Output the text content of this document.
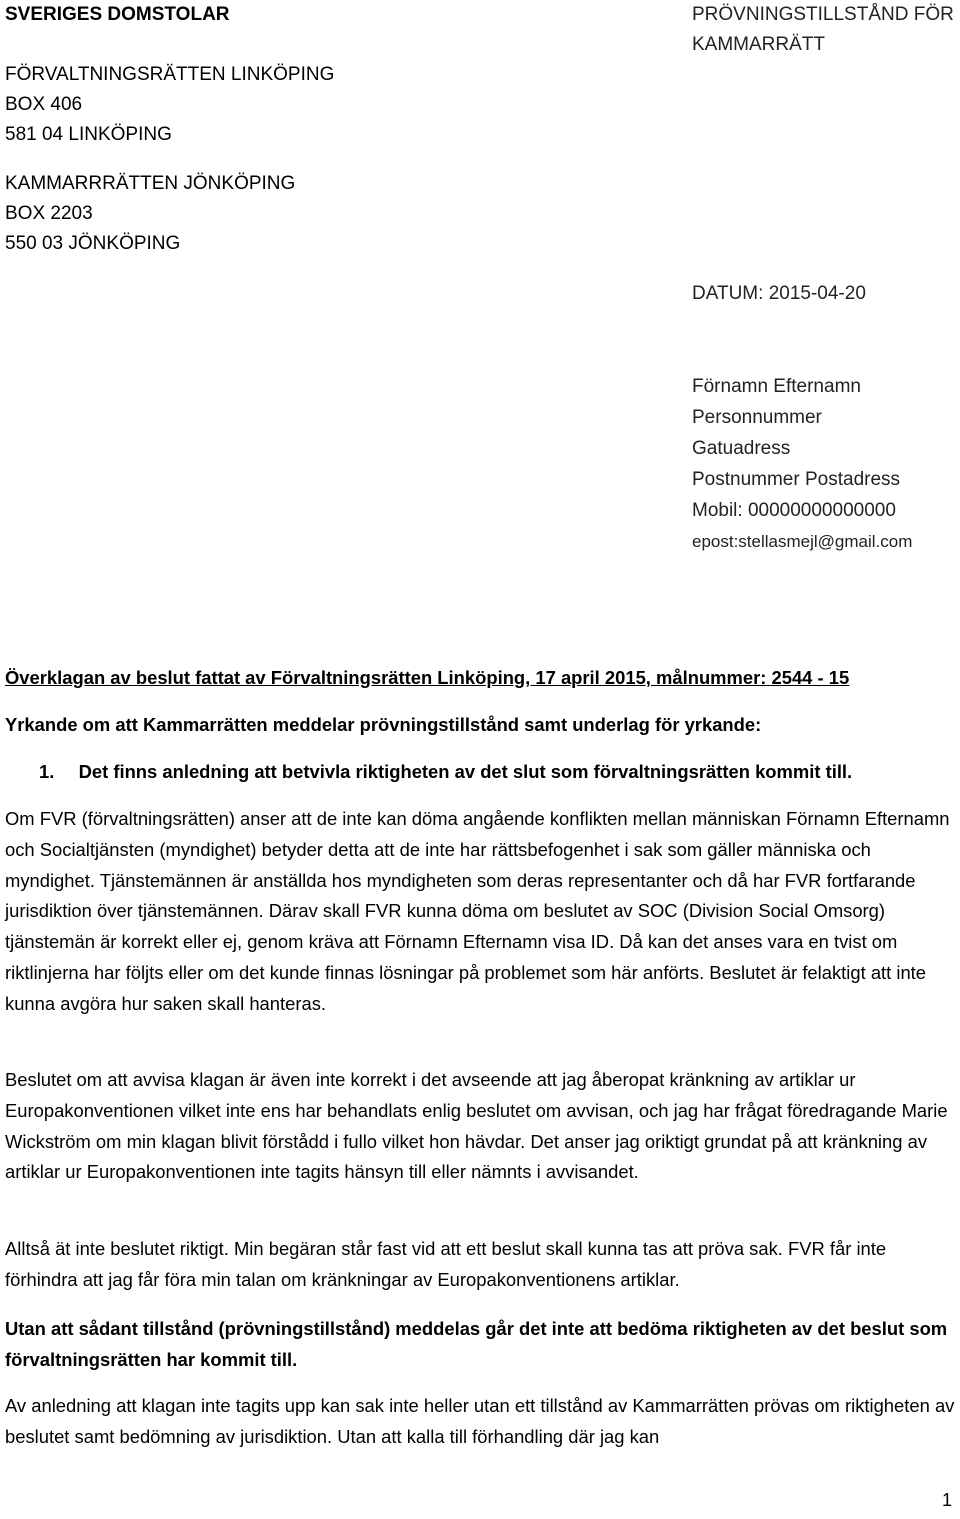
SVERIGES DOMSTOLAR
FÖRVALTNINGSRÄTTEN LINKÖPING
BOX 406
581 04 LINKÖPING
KAMMARRRÄTTEN JÖNKÖPING
BOX 2203
550 03 JÖNKÖPING
PRÖVNINGSTILLSTÅND FÖR
KAMMARRÄTT
DATUM: 2015-04-20
Förnamn Efternamn
Personnummer
Gatuadress
Postnummer Postadress
Mobil: 00000000000000
epost:stellasmejl@gmail.com
Överklagan av beslut fattat av Förvaltningsrätten Linköping, 17 april 2015, målnummer: 2544 - 15
Yrkande om att Kammarrätten meddelar prövningstillstånd samt underlag för yrkande:
1. Det finns anledning att betvivla riktigheten av det slut som förvaltningsrätten kommit till.

Om FVR (förvaltningsrätten) anser att de inte kan döma angående konflikten mellan människan Förnamn Efternamn och Socialtjänsten (myndighet) betyder detta att de inte har rättsbefogenhet i sak som gäller människa och myndighet. Tjänstemännen är anställda hos myndigheten som deras representanter och då har FVR fortfarande jurisdiktion över tjänstemännen. Därav skall FVR kunna döma om beslutet av SOC (Division Social Omsorg) tjänstemän är korrekt eller ej, genom kräva att Förnamn Efternamn visa ID. Då kan det anses vara en tvist om riktlinjerna har följts eller om det kunde finnas lösningar på problemet som här anförts. Beslutet är felaktigt att inte kunna avgöra hur saken skall hanteras.

Beslutet om att avvisa klagan är även inte korrekt i det avseende att jag åberopat kränkning av artiklar ur Europakonventionen vilket inte ens har behandlats enlig beslutet om avvisan, och jag har frågat föredragande Marie Wickström om min klagan blivit förstådd i fullo vilket hon hävdar. Det anser jag oriktigt grundat på att kränkning av artiklar ur Europakonventionen inte tagits hänsyn till eller nämnts i avvisandet.

Alltså ät inte beslutet riktigt. Min begäran står fast vid att ett beslut skall kunna tas att pröva sak. FVR får inte förhindra att jag får föra min talan om kränkningar av Europakonventionens artiklar.

Utan att sådant tillstånd (prövningstillstånd) meddelas går det inte att bedöma riktigheten av det beslut som förvaltningsrätten har kommit till.

Av anledning att klagan inte tagits upp kan sak inte heller utan ett tillstånd av Kammarrätten prövas om riktigheten av beslutet samt bedömning av jurisdiktion. Utan att kalla till förhandling där jag kan

1
